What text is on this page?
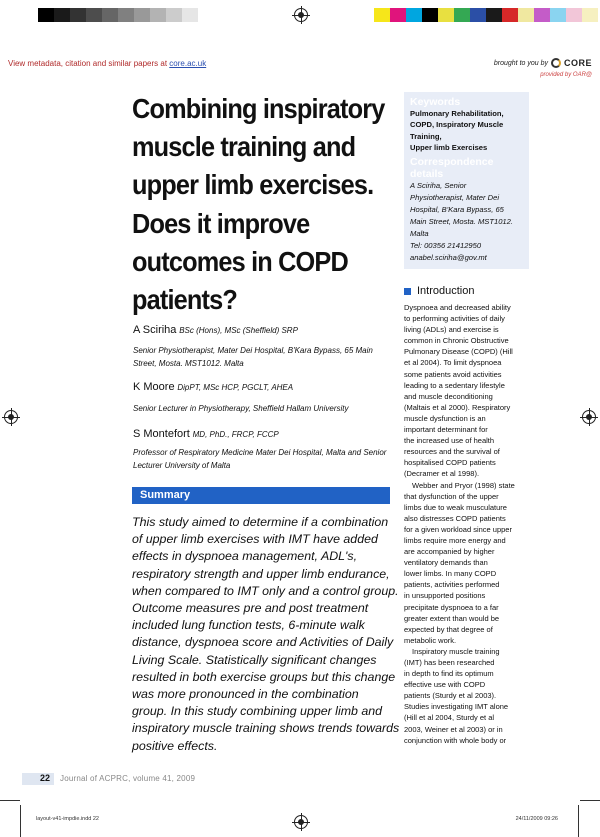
View metadata, citation and similar papers at core.ac.uk	brought to you by CORE
provided by OAR@
Combining inspiratory
muscle training and
upper limb exercises.
Does it improve
outcomes in COPD
patients?
A Sciriha BSc (Hons), MSc (Sheffield) SRP
Senior Physiotherapist, Mater Dei Hospital, B'Kara Bypass, 65 Main
Street, Mosta. MST1012. Malta
K Moore DipPT, MSc HCP, PGCLT, AHEA
Senior Lecturer in Physiotherapy, Sheffield Hallam University
S Montefort MD, PhD., FRCP, FCCP
Professor of Respiratory Medicine Mater Dei Hospital, Malta and Senior
Lecturer University of Malta
Summary
This study aimed to determine if a combination
of upper limb exercises with IMT have added
effects in dyspnoea management, ADL's,
respiratory strength and upper limb endurance,
when compared to IMT only and a control group.
Outcome measures pre and post treatment
included lung function tests, 6-minute walk
distance, dyspnoea score and Activities of Daily
Living Scale. Statistically significant changes
resulted in both exercise groups but this change
was more pronounced in the combination
group. In this study combining upper limb and
inspiratory muscle training shows trends towards
positive effects.
Keywords
Pulmonary Rehabilitation,
COPD, Inspiratory Muscle
Training,
Upper limb Exercises
Correspondence
details
A Sciriha, Senior
Physiotherapist, Mater Dei
Hospital, B'Kara Bypass, 65
Main Street, Mosta. MST1012.
Malta
Tel: 00356 21412950
anabel.sciriha@gov.mt
Introduction
Dyspnoea and decreased ability
to performing activities of daily
living (ADLs) and exercise is
common in Chronic Obstructive
Pulmonary Disease (COPD) (Hill
et al 2004). To limit dyspnoea
some patients avoid activities
leading to a sedentary lifestyle
and muscle deconditioning
(Maltais et al 2000). Respiratory
muscle dysfunction is an
important determinant for
the increased use of health
resources and the survival of
hospitalised COPD patients
(Decramer et al 1998).
Webber and Pryor (1998) state
that dysfunction of the upper
limbs due to weak musculature
also distresses COPD patients
for a given workload since upper
limbs require more energy and
are accompanied by higher
ventilatory demands than
lower limbs. In many COPD
patients, activities performed
in unsupported positions
precipitate dyspnoea to a far
greater extent than would be
expected by that degree of
metabolic work.
Inspiratory muscle training
(IMT) has been researched
in depth to find its optimum
effective use with COPD
patients (Sturdy et al 2003).
Studies investigating IMT alone
(Hill et al 2004, Sturdy et al
2003, Weiner et al 2003) or in
conjunction with whole body or
22 Journal of ACPRC, volume 41, 2009
layout-v41-impdie.indd 22	24/11/2009 09:26
